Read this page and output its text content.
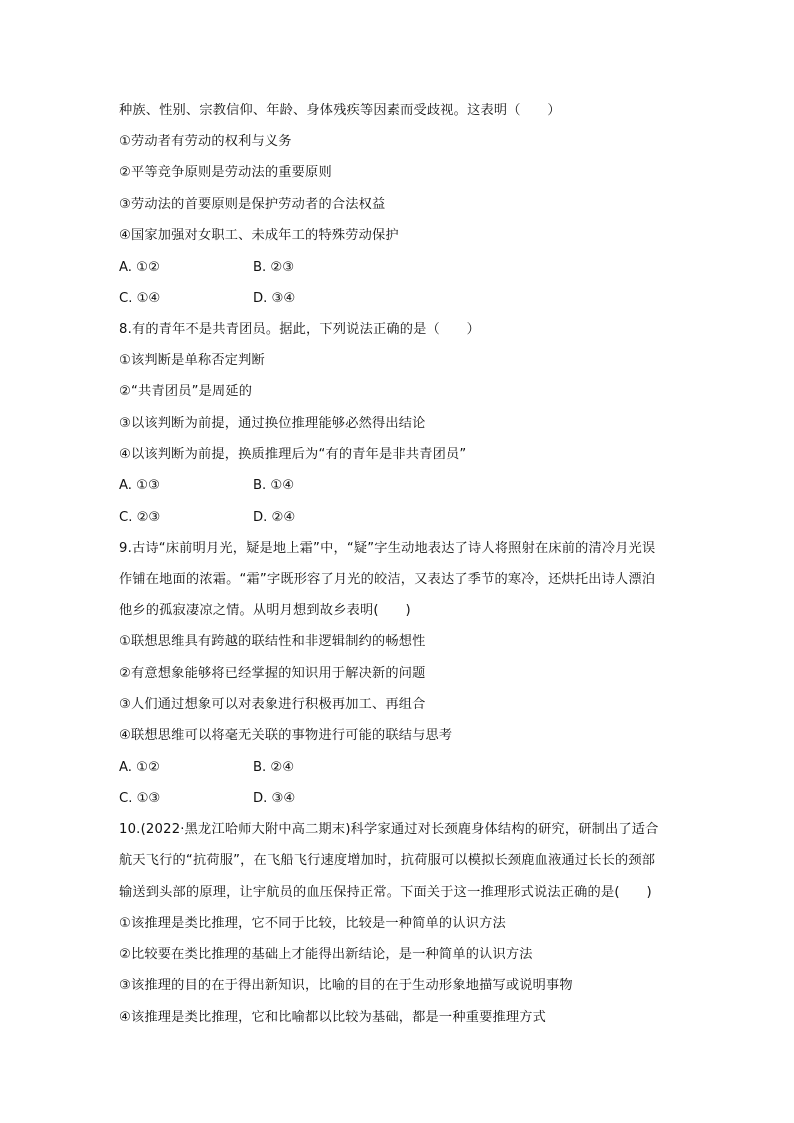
种族、性别、宗教信仰、年龄、身体残疾等因素而受歧视。这表明（　　）
①劳动者有劳动的权利与义务
②平等竞争原则是劳动法的重要原则
③劳动法的首要原则是保护劳动者的合法权益
④国家加强对女职工、未成年工的特殊劳动保护
A. ①②	B. ②③
C. ①④	D. ③④
8.有的青年不是共青团员。据此，下列说法正确的是（　　）
①该判断是单称否定判断
②“共青团员”是周延的
③以该判断为前提，通过换位推理能够必然得出结论
④以该判断为前提，换质推理后为“有的青年是非共青团员”
A. ①③	B. ①④
C. ②③	D. ②④
9.古诗“床前明月光，疑是地上霜”中，“疑”字生动地表达了诗人将照射在床前的清冷月光误
作铺在地面的浓霜。“霜”字既形容了月光的皎洁，又表达了季节的寒冷，还烘托出诗人漂泊
他乡的孤寂凄凉之情。从明月想到故乡表明(　　)
①联想思维具有跨越的联结性和非逻辑制约的畅想性
②有意想象能够将已经掌握的知识用于解决新的问题
③人们通过想象可以对表象进行积极再加工、再组合
④联想思维可以将毫无关联的事物进行可能的联结与思考
A. ①②	B. ②④
C. ①③	D. ③④
10.(2022·黑龙江哈师大附中高二期末)科学家通过对长颈鹿身体结构的研究，研制出了适合
航天飞行的“抗荷服”，在飞船飞行速度增加时，抗荷服可以模拟长颈鹿血液通过长长的颈部
输送到头部的原理，让宇航员的血压保持正常。下面关于这一推理形式说法正确的是(　　)
①该推理是类比推理，它不同于比较，比较是一种简单的认识方法
②比较要在类比推理的基础上才能得出新结论，是一种简单的认识方法
③该推理的目的在于得出新知识，比喻的目的在于生动形象地描写或说明事物
④该推理是类比推理，它和比喻都以比较为基础，都是一种重要推理方式
